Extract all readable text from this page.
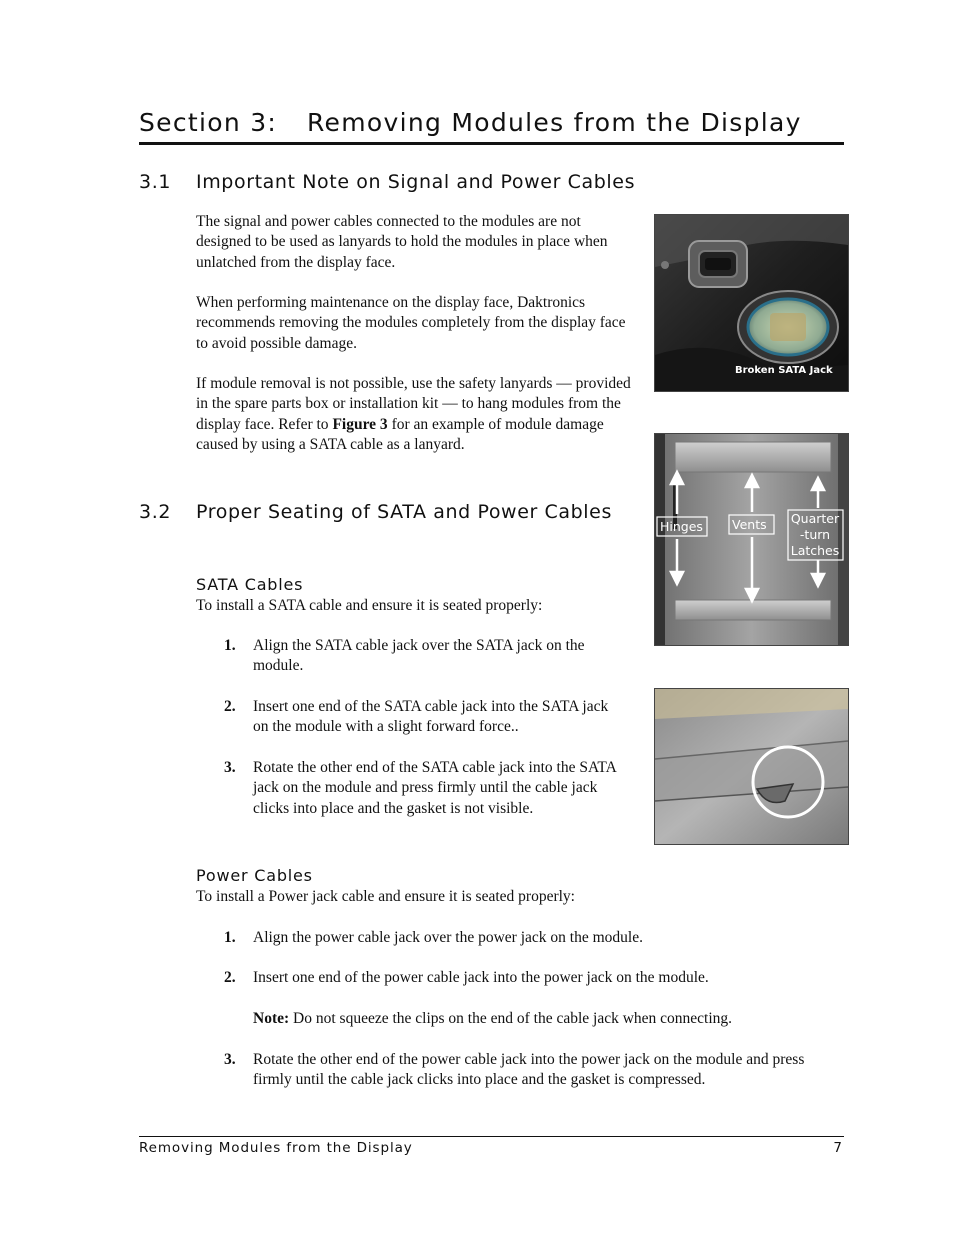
Section 3: Removing Modules from the Display
3.1 Important Note on Signal and Power Cables

The signal and power cables connected to the modules are not designed to be used as lanyards to hold the modules in place when unlatched from the display face.

When performing maintenance on the display face, Daktronics recommends removing the modules completely from the display face to avoid possible damage.

If module removal is not possible, use the safety lanyards — provided in the spare parts box or installation kit — to hang modules from the display face. Refer to Figure 3 for an example of module damage caused by using a SATA cable as a lanyard.

3.2	Proper Seating of SATA and Power Cables
SATA Cables

To install a SATA cable and ensure it is seated properly:

1.	Align the SATA cable jack over the SATA jack on the module.
2.	Insert one end of the SATA cable jack into the SATA jack on the module with a slight forward force..
3.	Rotate the other end of the SATA cable jack into the SATA jack on the module and press firmly until the cable jack clicks into place and the gasket is not visible.
Power Cables

To install a Power jack cable and ensure it is seated properly:

1.	Align the power cable jack over the power jack on the module.
2.	Insert one end of the power cable jack into the power jack on the module.

Note: Do not squeeze the clips on the end of the cable jack when connecting.

3.	Rotate the other end of the power cable jack into the power jack on the module and press firmly until the cable jack clicks into place and the gasket is compressed.
Broken SATA Jack
Hinges Vents Quarter
-turn
Latches
Removing Modules from the Display	7
